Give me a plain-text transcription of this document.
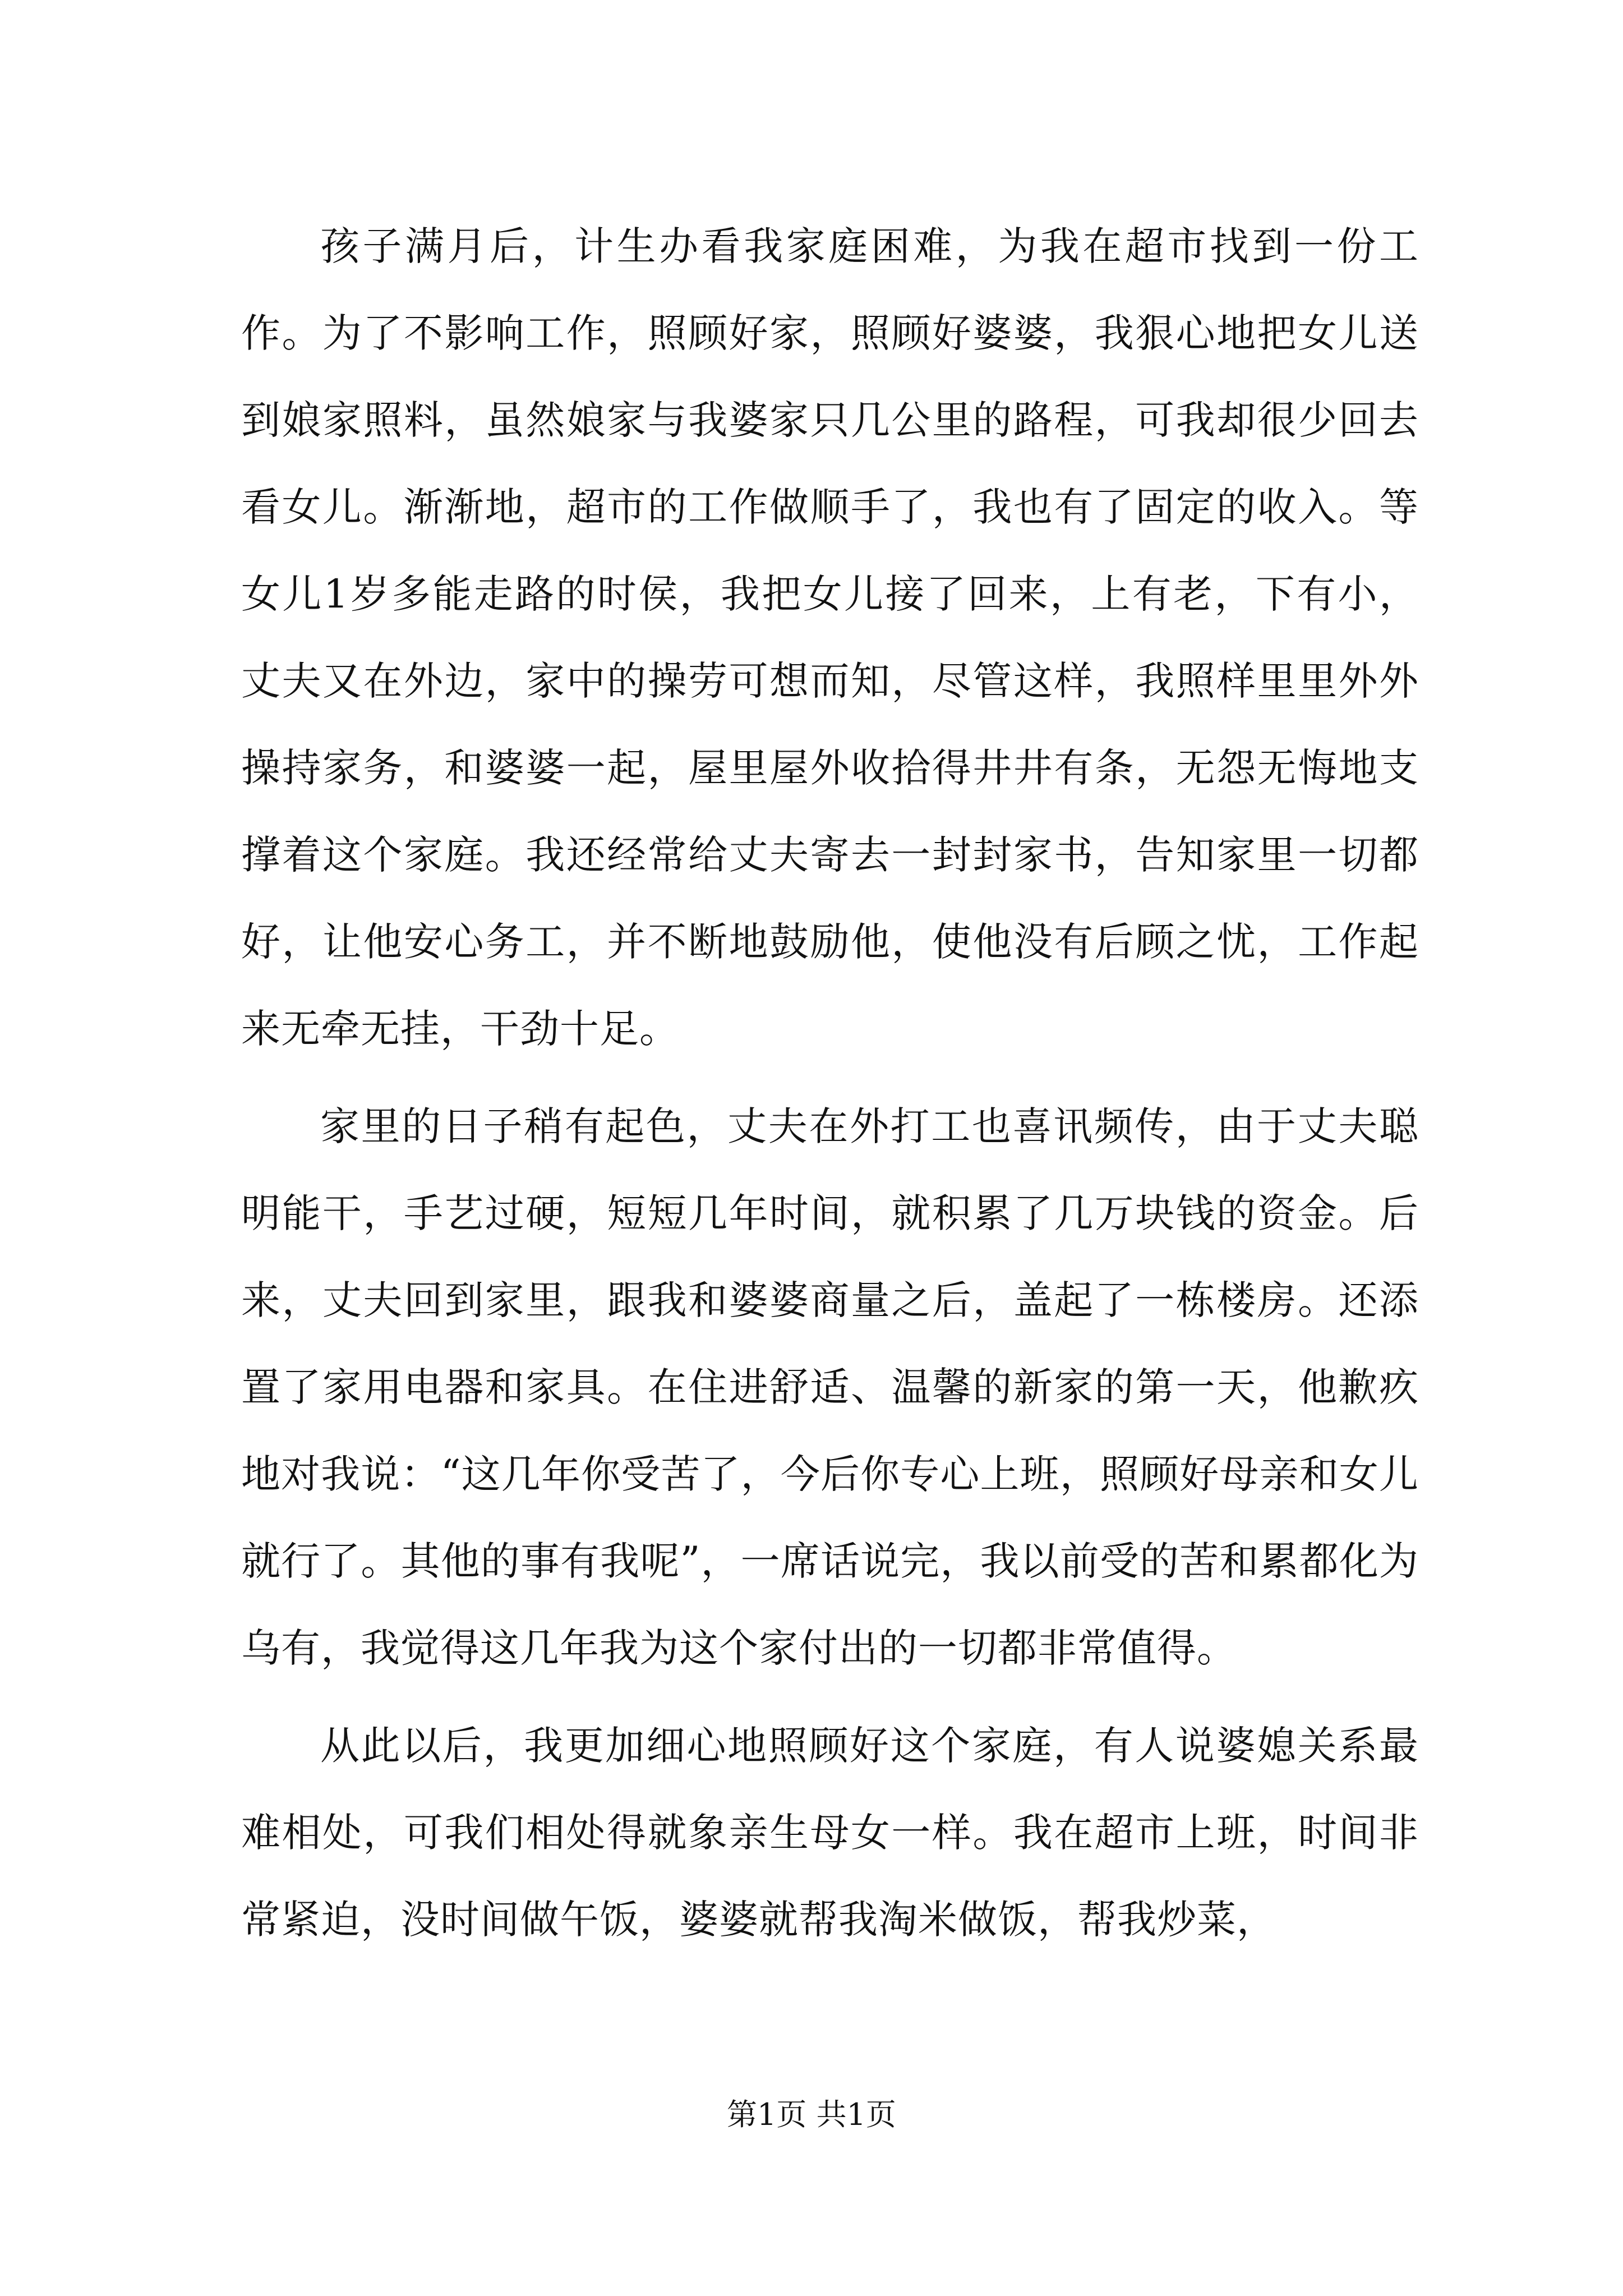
孩子满月后，计生办看我家庭困难，为我在超市找到一份工作。为了不影响工作，照顾好家，照顾好婆婆，我狠心地把女儿送到娘家照料，虽然娘家与我婆家只几公里的路程，可我却很少回去看女儿。渐渐地，超市的工作做顺手了，我也有了固定的收入。等女儿1岁多能走路的时侯，我把女儿接了回来，上有老，下有小，丈夫又在外边，家中的操劳可想而知，尽管这样，我照样里里外外操持家务，和婆婆一起，屋里屋外收拾得井井有条，无怨无悔地支撑着这个家庭。我还经常给丈夫寄去一封封家书，告知家里一切都好，让他安心务工，并不断地鼓励他，使他没有后顾之忧，工作起来无牵无挂，干劲十足。

家里的日子稍有起色，丈夫在外打工也喜讯频传，由于丈夫聪明能干，手艺过硬，短短几年时间，就积累了几万块钱的资金。后来，丈夫回到家里，跟我和婆婆商量之后，盖起了一栋楼房。还添置了家用电器和家具。在住进舒适、温馨的新家的第一天，他歉疚地对我说：“这几年你受苦了，今后你专心上班，照顾好母亲和女儿就行了。其他的事有我呢”，一席话说完，我以前受的苦和累都化为乌有，我觉得这几年我为这个家付出的一切都非常值得。

从此以后，我更加细心地照顾好这个家庭，有人说婆媳关系最难相处，可我们相处得就象亲生母女一样。我在超市上班，时间非常紧迫，没时间做午饭，婆婆就帮我淘米做饭，帮我炒菜，

第1页 共1页
